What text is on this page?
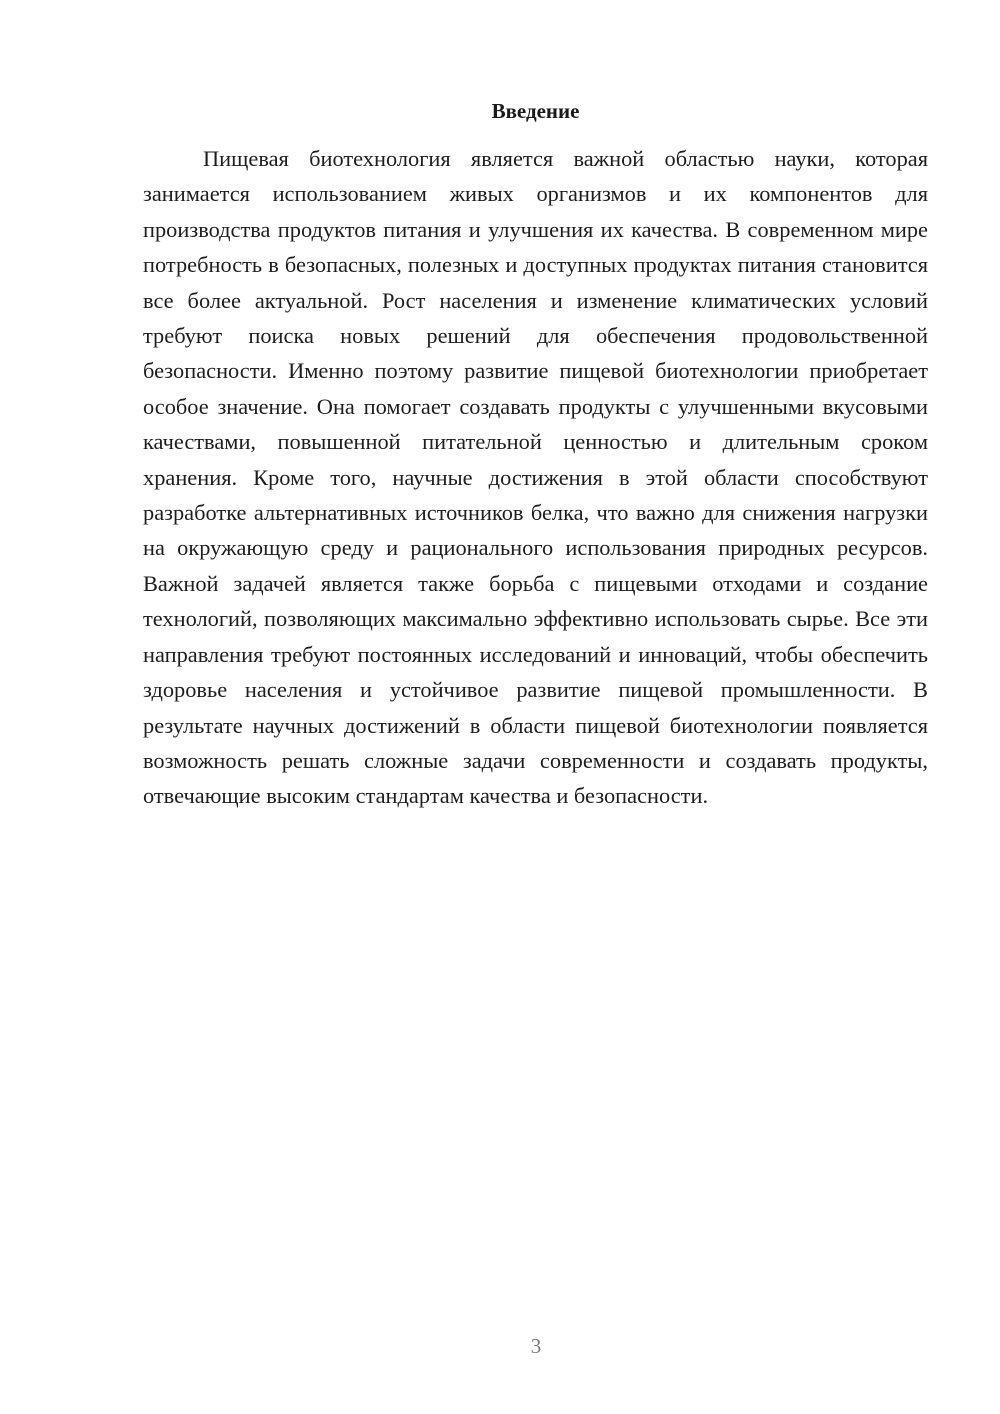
Введение

Пищевая биотехнология является важной областью науки, которая занимается использованием живых организмов и их компонентов для производства продуктов питания и улучшения их качества. В современном мире потребность в безопасных, полезных и доступных продуктах питания становится все более актуальной. Рост населения и изменение климатических условий требуют поиска новых решений для обеспечения продовольственной безопасности. Именно поэтому развитие пищевой биотехнологии приобретает особое значение. Она помогает создавать продукты с улучшенными вкусовыми качествами, повышенной питательной ценностью и длительным сроком хранения. Кроме того, научные достижения в этой области способствуют разработке альтернативных источников белка, что важно для снижения нагрузки на окружающую среду и рационального использования природных ресурсов. Важной задачей является также борьба с пищевыми отходами и создание технологий, позволяющих максимально эффективно использовать сырье. Все эти направления требуют постоянных исследований и инноваций, чтобы обеспечить здоровье населения и устойчивое развитие пищевой промышленности. В результате научных достижений в области пищевой биотехнологии появляется возможность решать сложные задачи современности и создавать продукты, отвечающие высоким стандартам качества и безопасности.

3
